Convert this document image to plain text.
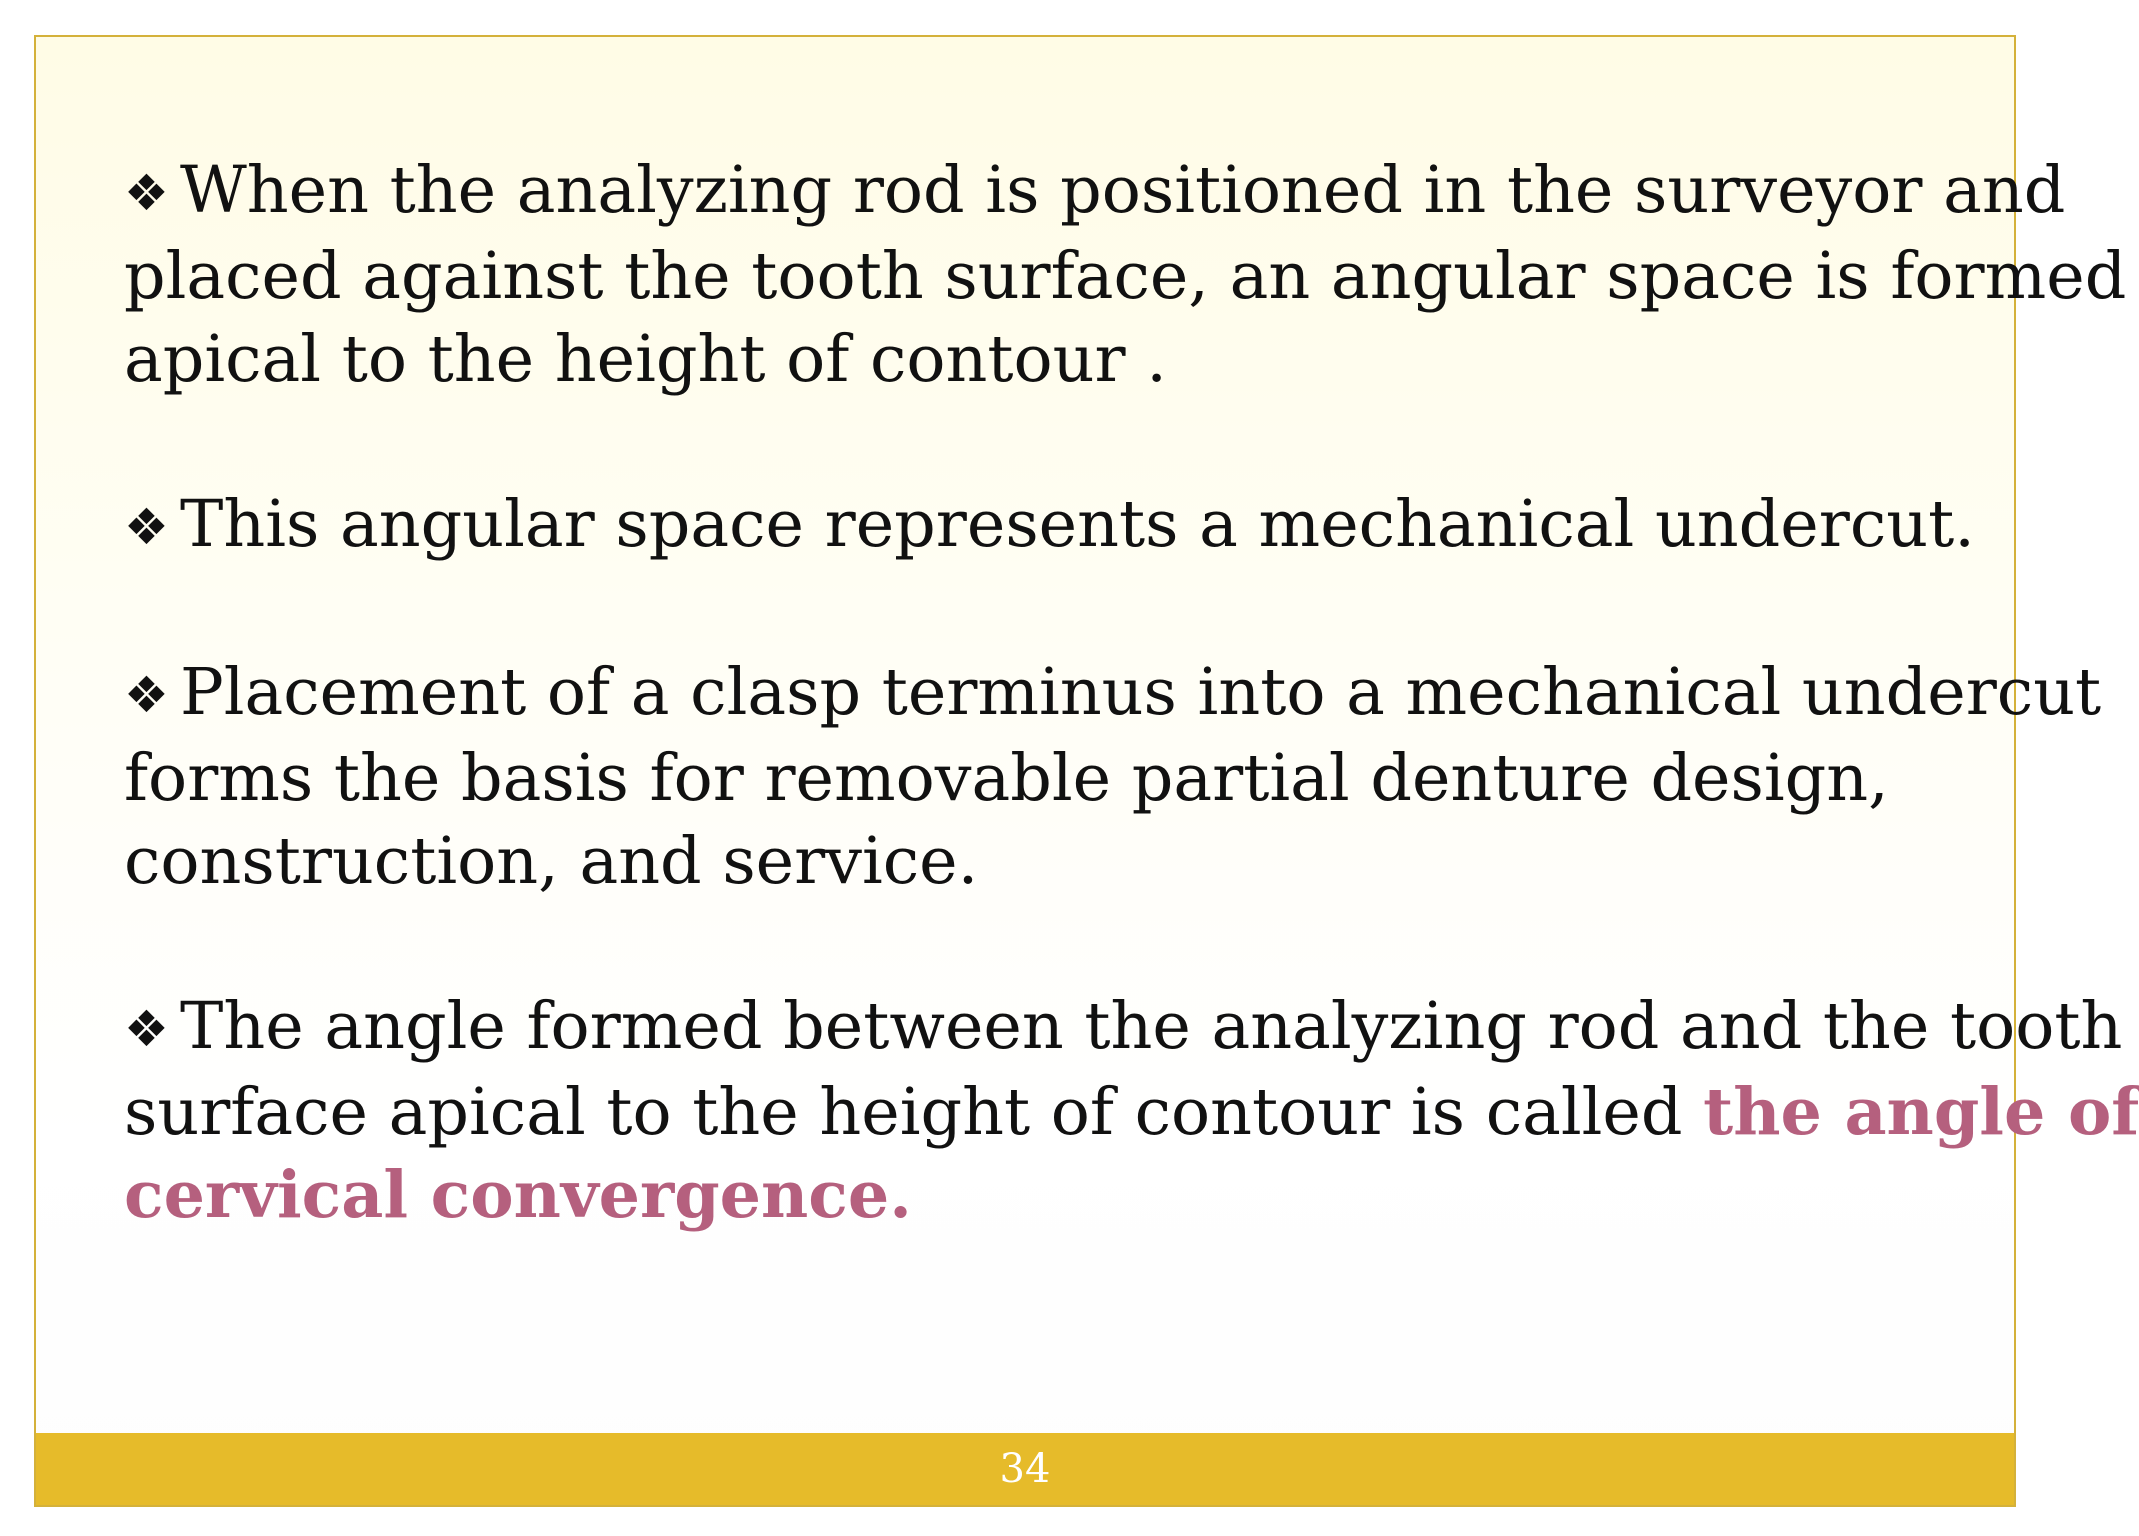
❖ When the analyzing rod is positioned in the surveyor and
placed against the tooth surface, an angular space is formed
apical to the height of contour .

❖ This angular space represents a mechanical undercut.

❖ Placement of a clasp terminus into a mechanical undercut
forms the basis for removable partial denture design,
construction, and service.

❖ The angle formed between the analyzing rod and the tooth
surface apical to the height of contour is called the angle of
cervical convergence.

34
